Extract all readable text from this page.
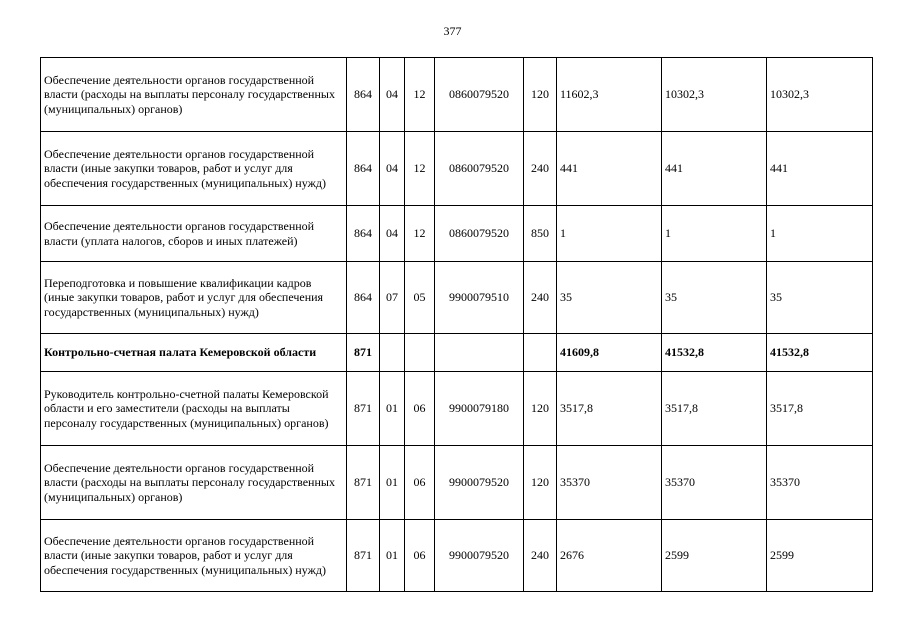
377
Обеспечение деятельности органов государственной власти (расходы на выплаты персоналу государственных (муниципальных) органов)	864	04	12	0860079520	120	11602,3	10302,3	10302,3
Обеспечение деятельности органов государственной власти (иные закупки товаров, работ и услуг для обеспечения государственных (муниципальных) нужд)	864	04	12	0860079520	240	441	441	441
Обеспечение деятельности органов государственной власти (уплата налогов, сборов и иных платежей)	864	04	12	0860079520	850	1	1	1
Переподготовка и повышение квалификации кадров (иные закупки товаров, работ и услуг для обеспечения государственных (муниципальных) нужд)	864	07	05	9900079510	240	35	35	35
Контрольно-счетная палата Кемеровской области	871					41609,8	41532,8	41532,8
Руководитель контрольно-счетной палаты Кемеровской области и его заместители (расходы на выплаты персоналу государственных (муниципальных) органов)	871	01	06	9900079180	120	3517,8	3517,8	3517,8
Обеспечение деятельности органов государственной власти (расходы на выплаты персоналу государственных (муниципальных) органов)	871	01	06	9900079520	120	35370	35370	35370
Обеспечение деятельности органов государственной власти (иные закупки товаров, работ и услуг для обеспечения государственных (муниципальных) нужд)	871	01	06	9900079520	240	2676	2599	2599
